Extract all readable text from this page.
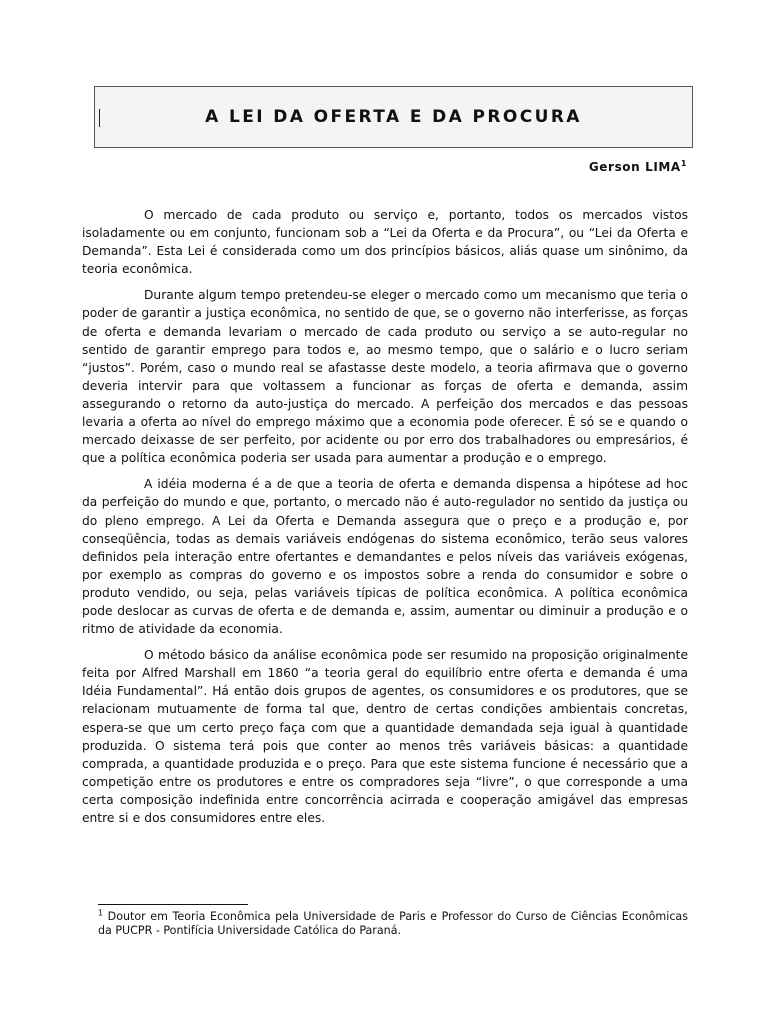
A LEI DA OFERTA E DA PROCURA
Gerson LIMA$^1$

O mercado de cada produto ou serviço e, portanto, todos os mercados vistos isoladamente ou em conjunto, funcionam sob a “Lei da Oferta e da Procura”, ou “Lei da Oferta e Demanda”. Esta Lei é considerada como um dos princípios básicos, aliás quase um sinônimo, da teoria econômica.

Durante algum tempo pretendeu-se eleger o mercado como um mecanismo que teria o poder de garantir a justiça econômica, no sentido de que, se o governo não interferisse, as forças de oferta e demanda levariam o mercado de cada produto ou serviço a se auto-regular no sentido de garantir emprego para todos e, ao mesmo tempo, que o salário e o lucro seriam “justos”. Porém, caso o mundo real se afastasse deste modelo, a teoria afirmava que o governo deveria intervir para que voltassem a funcionar as forças de oferta e demanda, assim assegurando o retorno da auto-justiça do mercado. A perfeição dos mercados e das pessoas levaria a oferta ao nível do emprego máximo que a economia pode oferecer. É só se e quando o mercado deixasse de ser perfeito, por acidente ou por erro dos trabalhadores ou empresários, é que a política econômica poderia ser usada para aumentar a produção e o emprego.

A idéia moderna é a de que a teoria de oferta e demanda dispensa a hipótese ad hoc da perfeição do mundo e que, portanto, o mercado não é auto-regulador no sentido da justiça ou do pleno emprego. A Lei da Oferta e Demanda assegura que o preço e a produção e, por conseqüência, todas as demais variáveis endógenas do sistema econômico, terão seus valores definidos pela interação entre ofertantes e demandantes e pelos níveis das variáveis exógenas, por exemplo as compras do governo e os impostos sobre a renda do consumidor e sobre o produto vendido, ou seja, pelas variáveis típicas de política econômica. A política econômica pode deslocar as curvas de oferta e de demanda e, assim, aumentar ou diminuir a produção e o ritmo de atividade da economia.

O método básico da análise econômica pode ser resumido na proposição originalmente feita por Alfred Marshall em 1860 “a teoria geral do equilíbrio entre oferta e demanda é uma Idéia Fundamental”. Há então dois grupos de agentes, os consumidores e os produtores, que se relacionam mutuamente de forma tal que, dentro de certas condições ambientais concretas, espera-se que um certo preço faça com que a quantidade demandada seja igual à quantidade produzida. O sistema terá pois que conter ao menos três variáveis básicas: a quantidade comprada, a quantidade produzida e o preço. Para que este sistema funcione é necessário que a competição entre os produtores e entre os compradores seja “livre”, o que corresponde a uma certa composição indefinida entre concorrência acirrada e cooperação amigável das empresas entre si e dos consumidores entre eles.

$^1$ Doutor em Teoria Econômica pela Universidade de Paris e Professor do Curso de Ciências Econômicas da PUCPR - Pontifícia Universidade Católica do Paraná.
